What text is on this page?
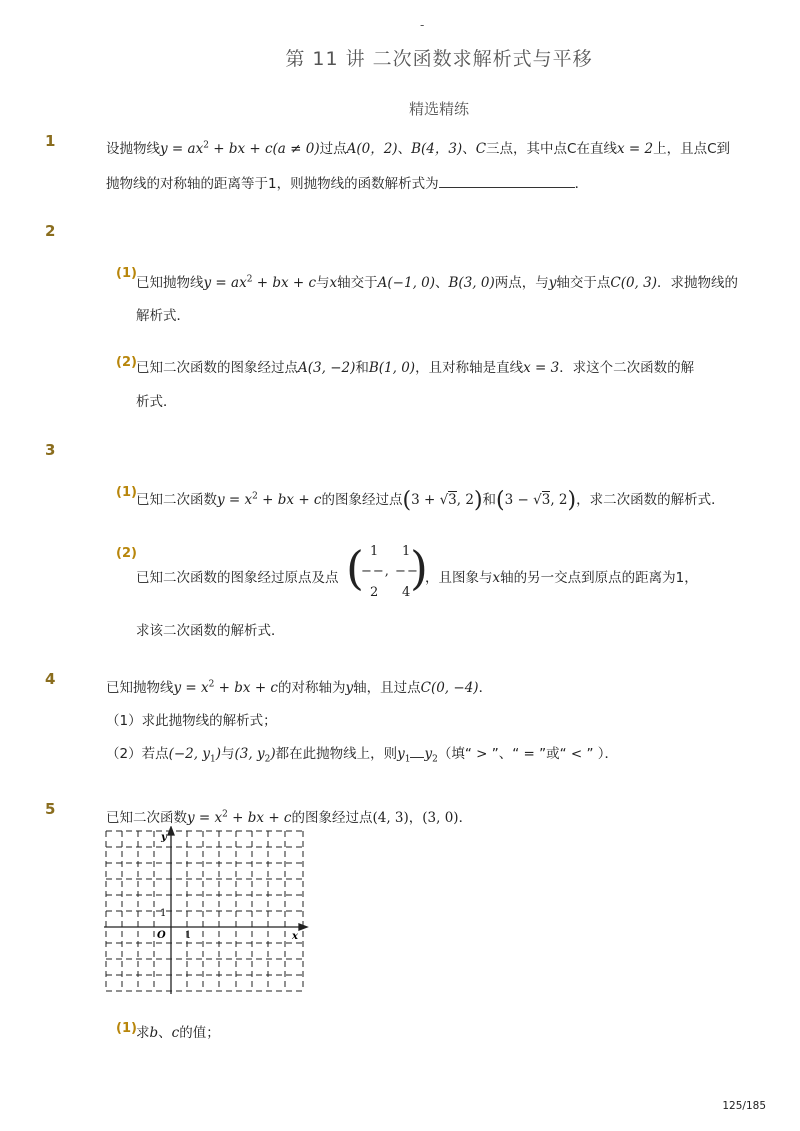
-
第 11 讲 二次函数求解析式与平移
精选精练
1	设抛物线$y = ax^2$ + bx + c(a ≠ 0)过点A(0，2)、B(4，3)、C三点，其中点C在直线x = 2上，且点C到
抛物线的对称轴的距离等于1，则抛物线的函数解析式为	．
2
(1)
已知抛物线$y = ax^2$ + bx + c与x轴交于A(−1, 0)、B(3, 0)两点，与y轴交于点C(0, 3)．求抛物线的
解析式．
(2) 已知二次函数的图象经过点A(3, −2)和B(1, 0)，且对称轴是直线x = 3．求这个二次函数的解
析式．
3
(1) 已知二次函数$y = x^2$ + bx + c的图象经过点(3 + √3, 2)和(3 − √3, 2)，求二次函数的解析式．
(2)
已知二次函数的图象经过原点及点 ( 1 1
−−, −−
2 4 )
，且图象与x轴的另一交点到原点的距离为1，
求该二次函数的解析式．
4	已知抛物线$y = x^2$ + bx + c的对称轴为y轴，且过点C(0, −4)．
（1）求此抛物线的解析式；
（2）若点(−2, $y_1$)与(3, $y_2$)都在此抛物线上，则$y_1$ $y_2$（填“ > ”、“ = ”或“ < ” ）．
5	已知二次函数$y = x^2$ + bx + c的图象经过点(4, 3)，(3, 0)．
y
x
O 1
1
(1) 求b、c的值；
125/185
